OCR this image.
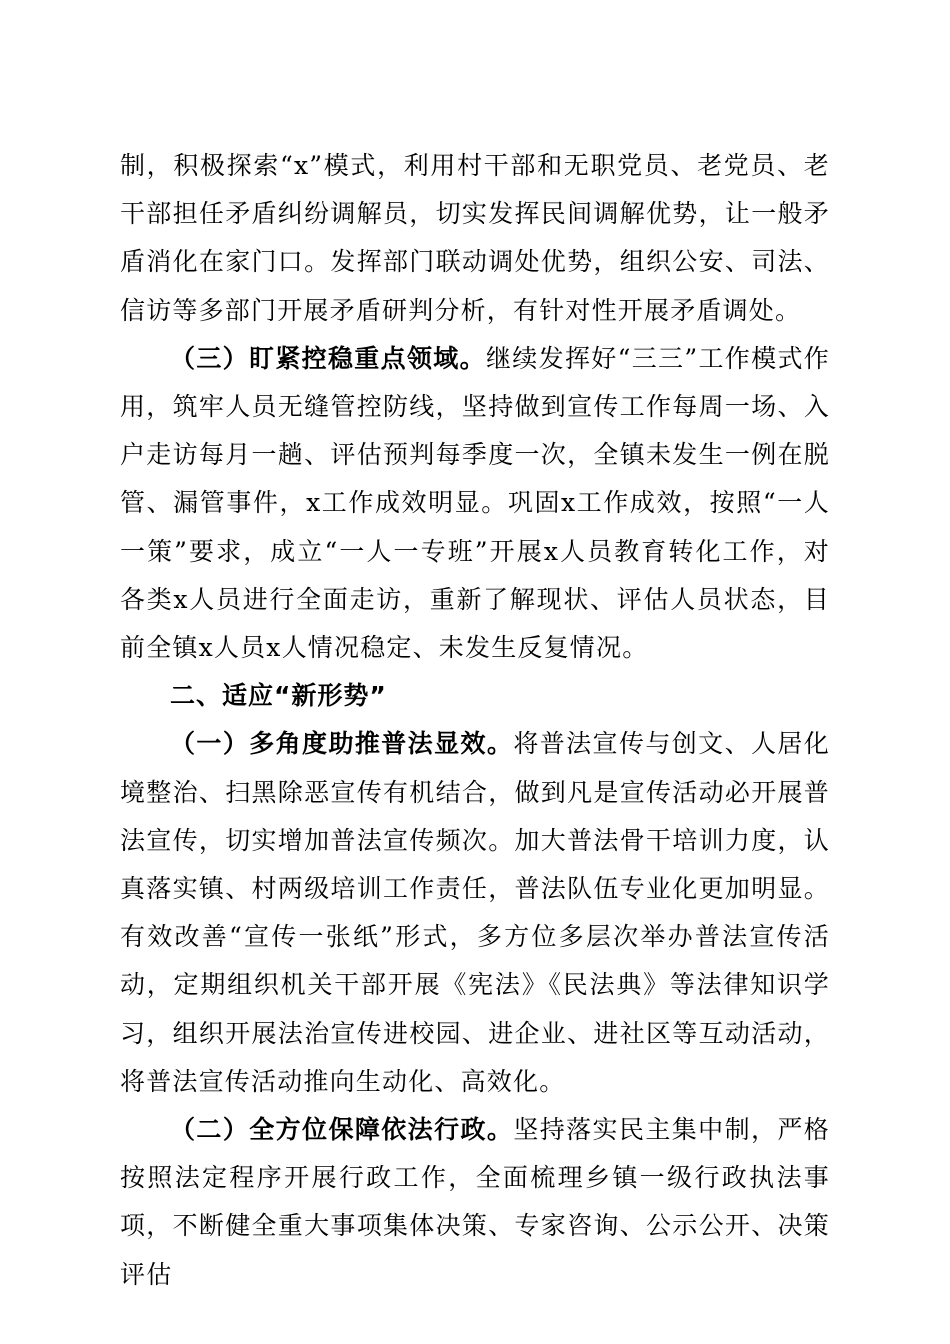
制，积极探索“x”模式，利用村干部和无职党员、老党员、老干部担任矛盾纠纷调解员，切实发挥民间调解优势，让一般矛盾消化在家门口。发挥部门联动调处优势，组织公安、司法、信访等多部门开展矛盾研判分析，有针对性开展矛盾调处。

（三）盯紧控稳重点领域。继续发挥好“三三”工作模式作用，筑牢人员无缝管控防线，坚持做到宣传工作每周一场、入户走访每月一趟、评估预判每季度一次，全镇未发生一例在脱管、漏管事件，x工作成效明显。巩固x工作成效，按照“一人一策”要求，成立“一人一专班”开展x人员教育转化工作，对各类x人员进行全面走访，重新了解现状、评估人员状态，目前全镇x人员x人情况稳定、未发生反复情况。

二、适应“新形势”

（一）多角度助推普法显效。将普法宣传与创文、人居化境整治、扫黑除恶宣传有机结合，做到凡是宣传活动必开展普法宣传，切实增加普法宣传频次。加大普法骨干培训力度，认真落实镇、村两级培训工作责任，普法队伍专业化更加明显。有效改善“宣传一张纸”形式，多方位多层次举办普法宣传活动，定期组织机关干部开展《宪法》《民法典》等法律知识学习，组织开展法治宣传进校园、进企业、进社区等互动活动，将普法宣传活动推向生动化、高效化。

（二）全方位保障依法行政。坚持落实民主集中制，严格按照法定程序开展行政工作，全面梳理乡镇一级行政执法事项，不断健全重大事项集体决策、专家咨询、公示公开、决策评估
